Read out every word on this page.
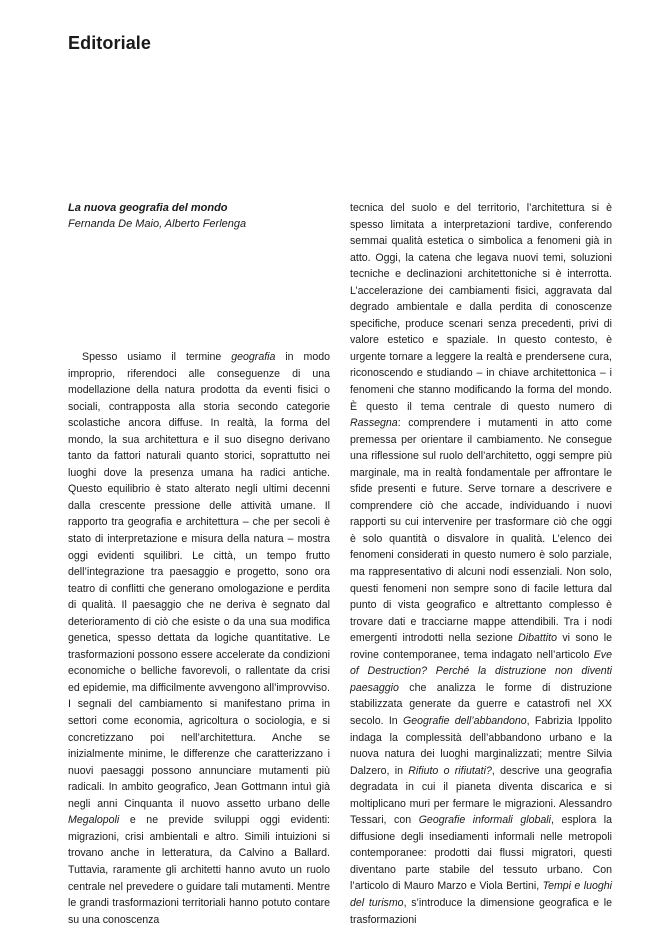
Editoriale
La nuova geografia del mondo
Fernanda De Maio, Alberto Ferlenga

Spesso usiamo il termine geografia in modo improprio, riferendoci alle conseguenze di una modellazione della natura prodotta da eventi fisici o sociali, contrapposta alla storia secondo categorie scolastiche ancora diffuse. In realtà, la forma del mondo, la sua architettura e il suo disegno derivano tanto da fattori naturali quanto storici, soprattutto nei luoghi dove la presenza umana ha radici antiche. Questo equilibrio è stato alterato negli ultimi decenni dalla crescente pressione delle attività umane. Il rapporto tra geografia e architettura – che per secoli è stato di interpretazione e misura della natura – mostra oggi evidenti squilibri. Le città, un tempo frutto dell’integrazione tra paesaggio e progetto, sono ora teatro di conflitti che generano omologazione e perdita di qualità. Il paesaggio che ne deriva è segnato dal deterioramento di ciò che esiste o da una sua modifica genetica, spesso dettata da logiche quantitative. Le trasformazioni possono essere accelerate da condizioni economiche o belliche favorevoli, o rallentate da crisi ed epidemie, ma difficilmente avvengono all’improvviso. I segnali del cambiamento si manifestano prima in settori come economia, agricoltura o sociologia, e si concretizzano poi nell’architettura. Anche se inizialmente minime, le differenze che caratterizzano i nuovi paesaggi possono annunciare mutamenti più radicali. In ambito geografico, Jean Gottmann intuì già negli anni Cinquanta il nuovo assetto urbano delle Megalopoli e ne previde sviluppi oggi evidenti: migrazioni, crisi ambientali e altro. Simili intuizioni si trovano anche in letteratura, da Calvino a Ballard. Tuttavia, raramente gli architetti hanno avuto un ruolo centrale nel prevedere o guidare tali mutamenti. Mentre le grandi trasformazioni territoriali hanno potuto contare su una conoscenza

tecnica del suolo e del territorio, l’architettura si è spesso limitata a interpretazioni tardive, conferendo semmai qualità estetica o simbolica a fenomeni già in atto. Oggi, la catena che legava nuovi temi, soluzioni tecniche e declinazioni architettoniche si è interrotta. L’accelerazione dei cambiamenti fisici, aggravata dal degrado ambientale e dalla perdita di conoscenze specifiche, produce scenari senza precedenti, privi di valore estetico e spaziale. In questo contesto, è urgente tornare a leggere la realtà e prendersene cura, riconoscendo e studiando – in chiave architettonica – i fenomeni che stanno modificando la forma del mondo. È questo il tema centrale di questo numero di Rassegna: comprendere i mutamenti in atto come premessa per orientare il cambiamento. Ne consegue una riflessione sul ruolo dell’architetto, oggi sempre più marginale, ma in realtà fondamentale per affrontare le sfide presenti e future. Serve tornare a descrivere e comprendere ciò che accade, individuando i nuovi rapporti su cui intervenire per trasformare ciò che oggi è solo quantità o disvalore in qualità. L’elenco dei fenomeni considerati in questo numero è solo parziale, ma rappresentativo di alcuni nodi essenziali. Non solo, questi fenomeni non sempre sono di facile lettura dal punto di vista geografico e altrettanto complesso è trovare dati e tracciarne mappe attendibili. Tra i nodi emergenti introdotti nella sezione Dibattito vi sono le rovine contemporanee, tema indagato nell’articolo Eve of Destruction? Perché la distruzione non diventi paesaggio che analizza le forme di distruzione stabilizzata generate da guerre e catastrofi nel XX secolo. In Geografie dell’abbandono, Fabrizia Ippolito indaga la complessità dell’abbandono urbano e la nuova natura dei luoghi marginalizzati; mentre Silvia Dalzero, in Rifiuto o rifiutati?, descrive una geografia degradata in cui il pianeta diventa discarica e si moltiplicano muri per fermare le migrazioni. Alessandro Tessari, con Geografie informali globali, esplora la diffusione degli insediamenti informali nelle metropoli contemporanee: prodotti dai flussi migratori, questi diventano parte stabile del tessuto urbano. Con l’articolo di Mauro Marzo e Viola Bertini, Tempi e luoghi del turismo, s’introduce la dimensione geografica e le trasformazioni
